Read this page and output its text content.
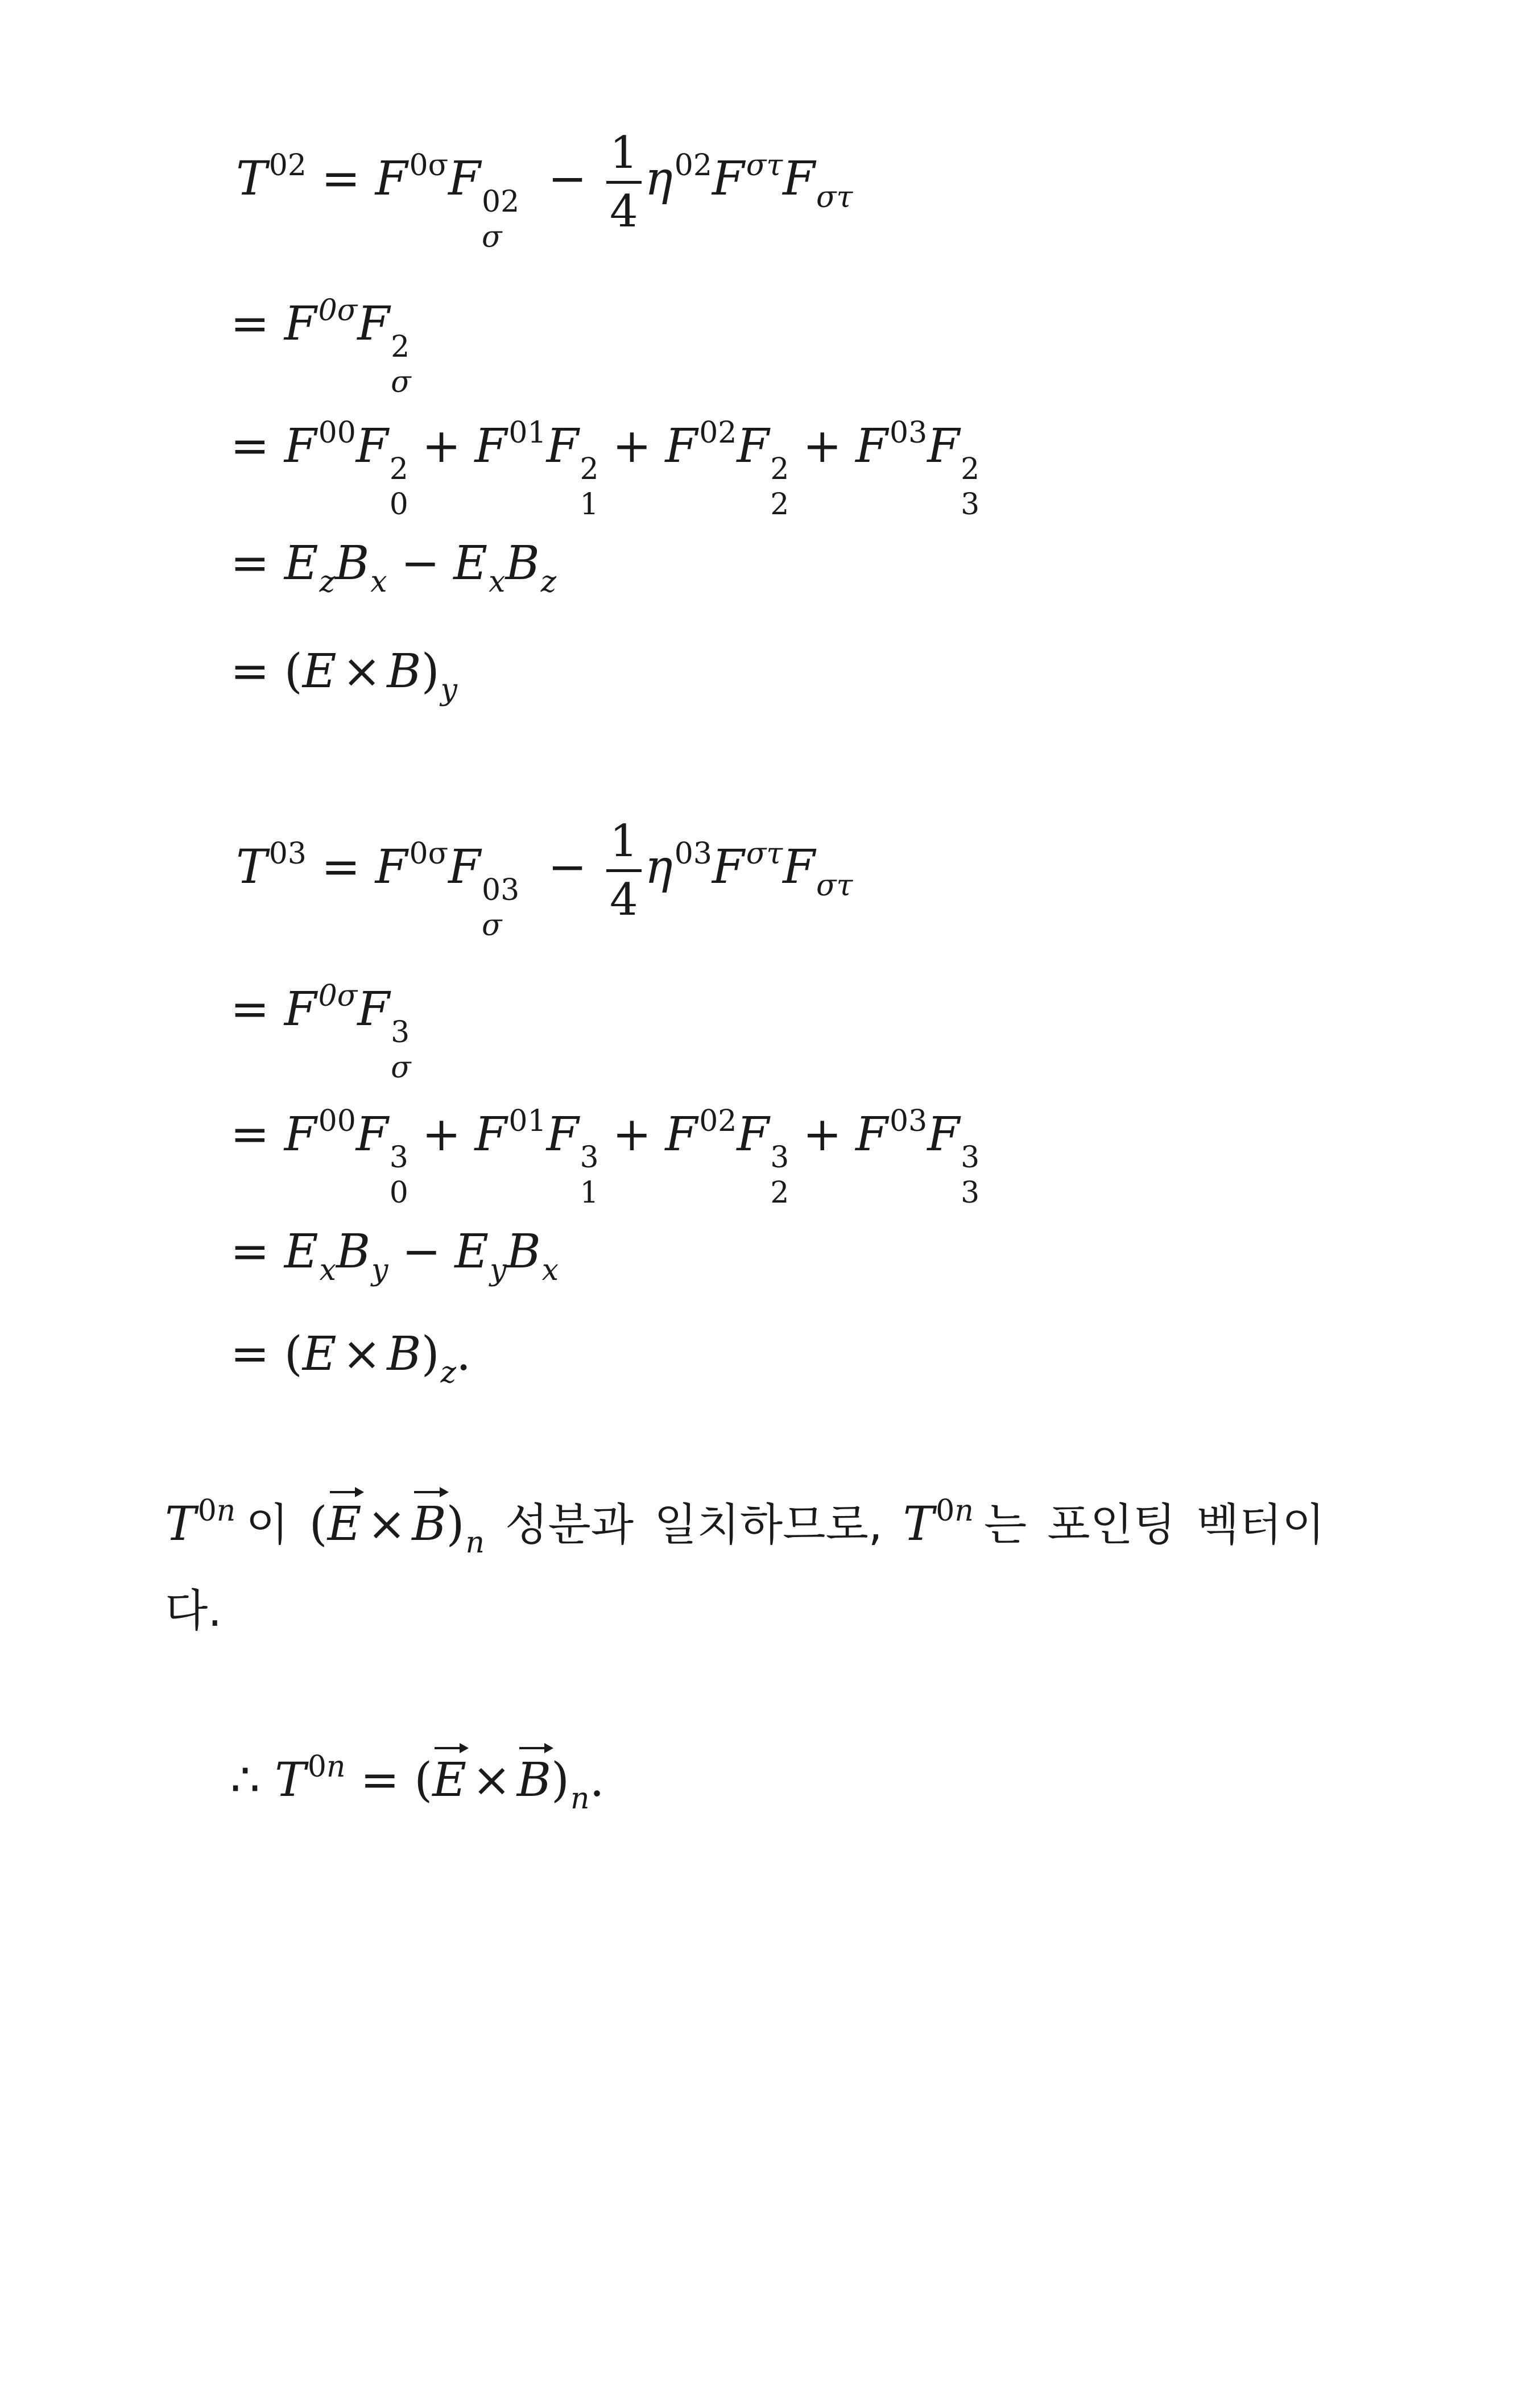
$T^{02} = F^{0\sigma}F$ 02
σ
− $\frac{1}{4} \eta^{02}F^{\sigma\tau}F_{\sigma\tau}$
= $F^{0\sigma}F$ 2
σ
= $F^{00}F$ 2
0
+ $F^{01}F$ 2
1
+ $F^{02}F$ 2
2
+ $F^{03}F$ 2
3
= $E_zB_x - E_xB_z$
= $(E \times B)_y$
$T^{03} = F^{0\sigma}F$ 03
σ
− $\frac{1}{4} \eta^{03}F^{\sigma\tau}F_{\sigma\tau}$
= $F^{0\sigma}F$ 3
σ
= $F^{00}F$ 3
0
+ $F^{01}F$ 3
1
+ $F^{02}F$ 3
2
+ $F^{03}F$ 3
3
= $E_xB_y - E_yB_x$
= $(E \times B)_z$.
$T^{0n}$ 이 $(E \times B)_n$ 성분과 일치하므로, $T^{0n}$ 는 포인팅 벡터이
다.
∴ $T^{0n} = (E \times B)_n$.
